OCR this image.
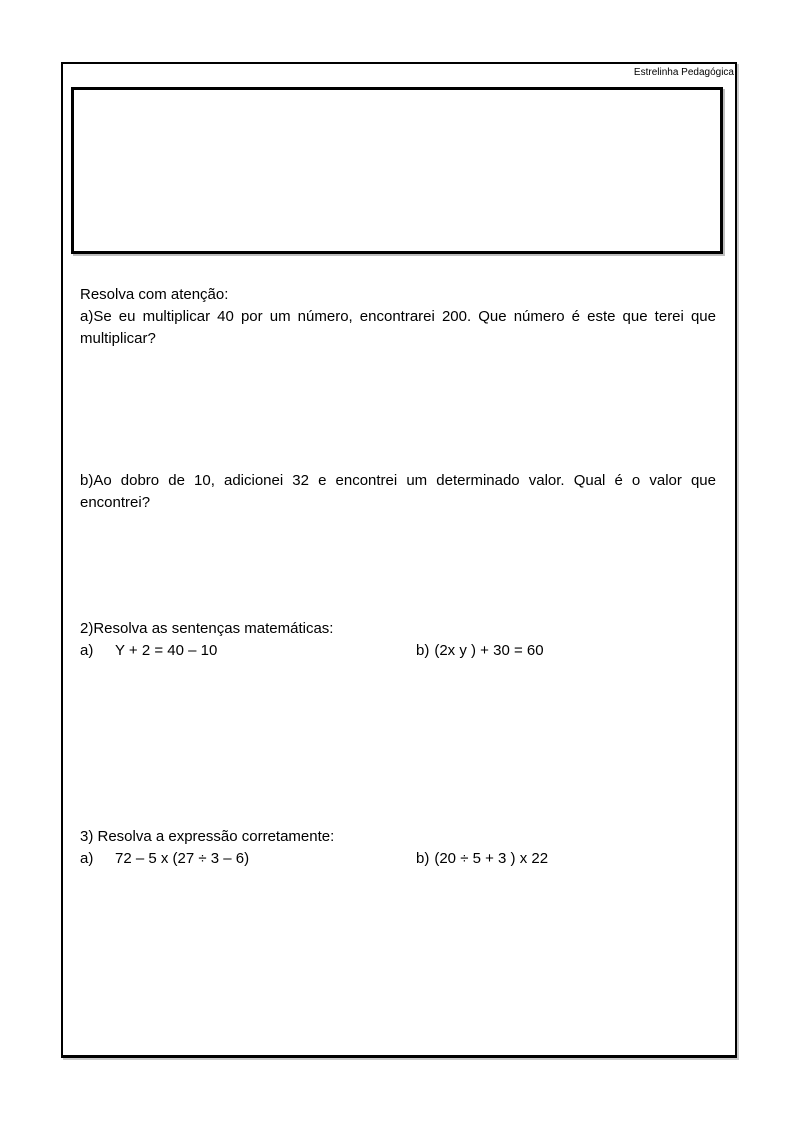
Estrelinha Pedagógica
Resolva com atenção:
a)Se eu multiplicar 40 por um número, encontrarei 200. Que número é este que terei que
multiplicar?
b)Ao dobro de 10, adicionei 32 e encontrei um determinado valor. Qual é o valor que
encontrei?
2)Resolva as sentenças matemáticas:
a)	Y + 2 = 40 – 10	b) (2x y ) + 30 = 60
3) Resolva a expressão corretamente:
a)	72 – 5 x (27 ÷ 3 – 6)	b) (20 ÷ 5 + 3 ) x 22
